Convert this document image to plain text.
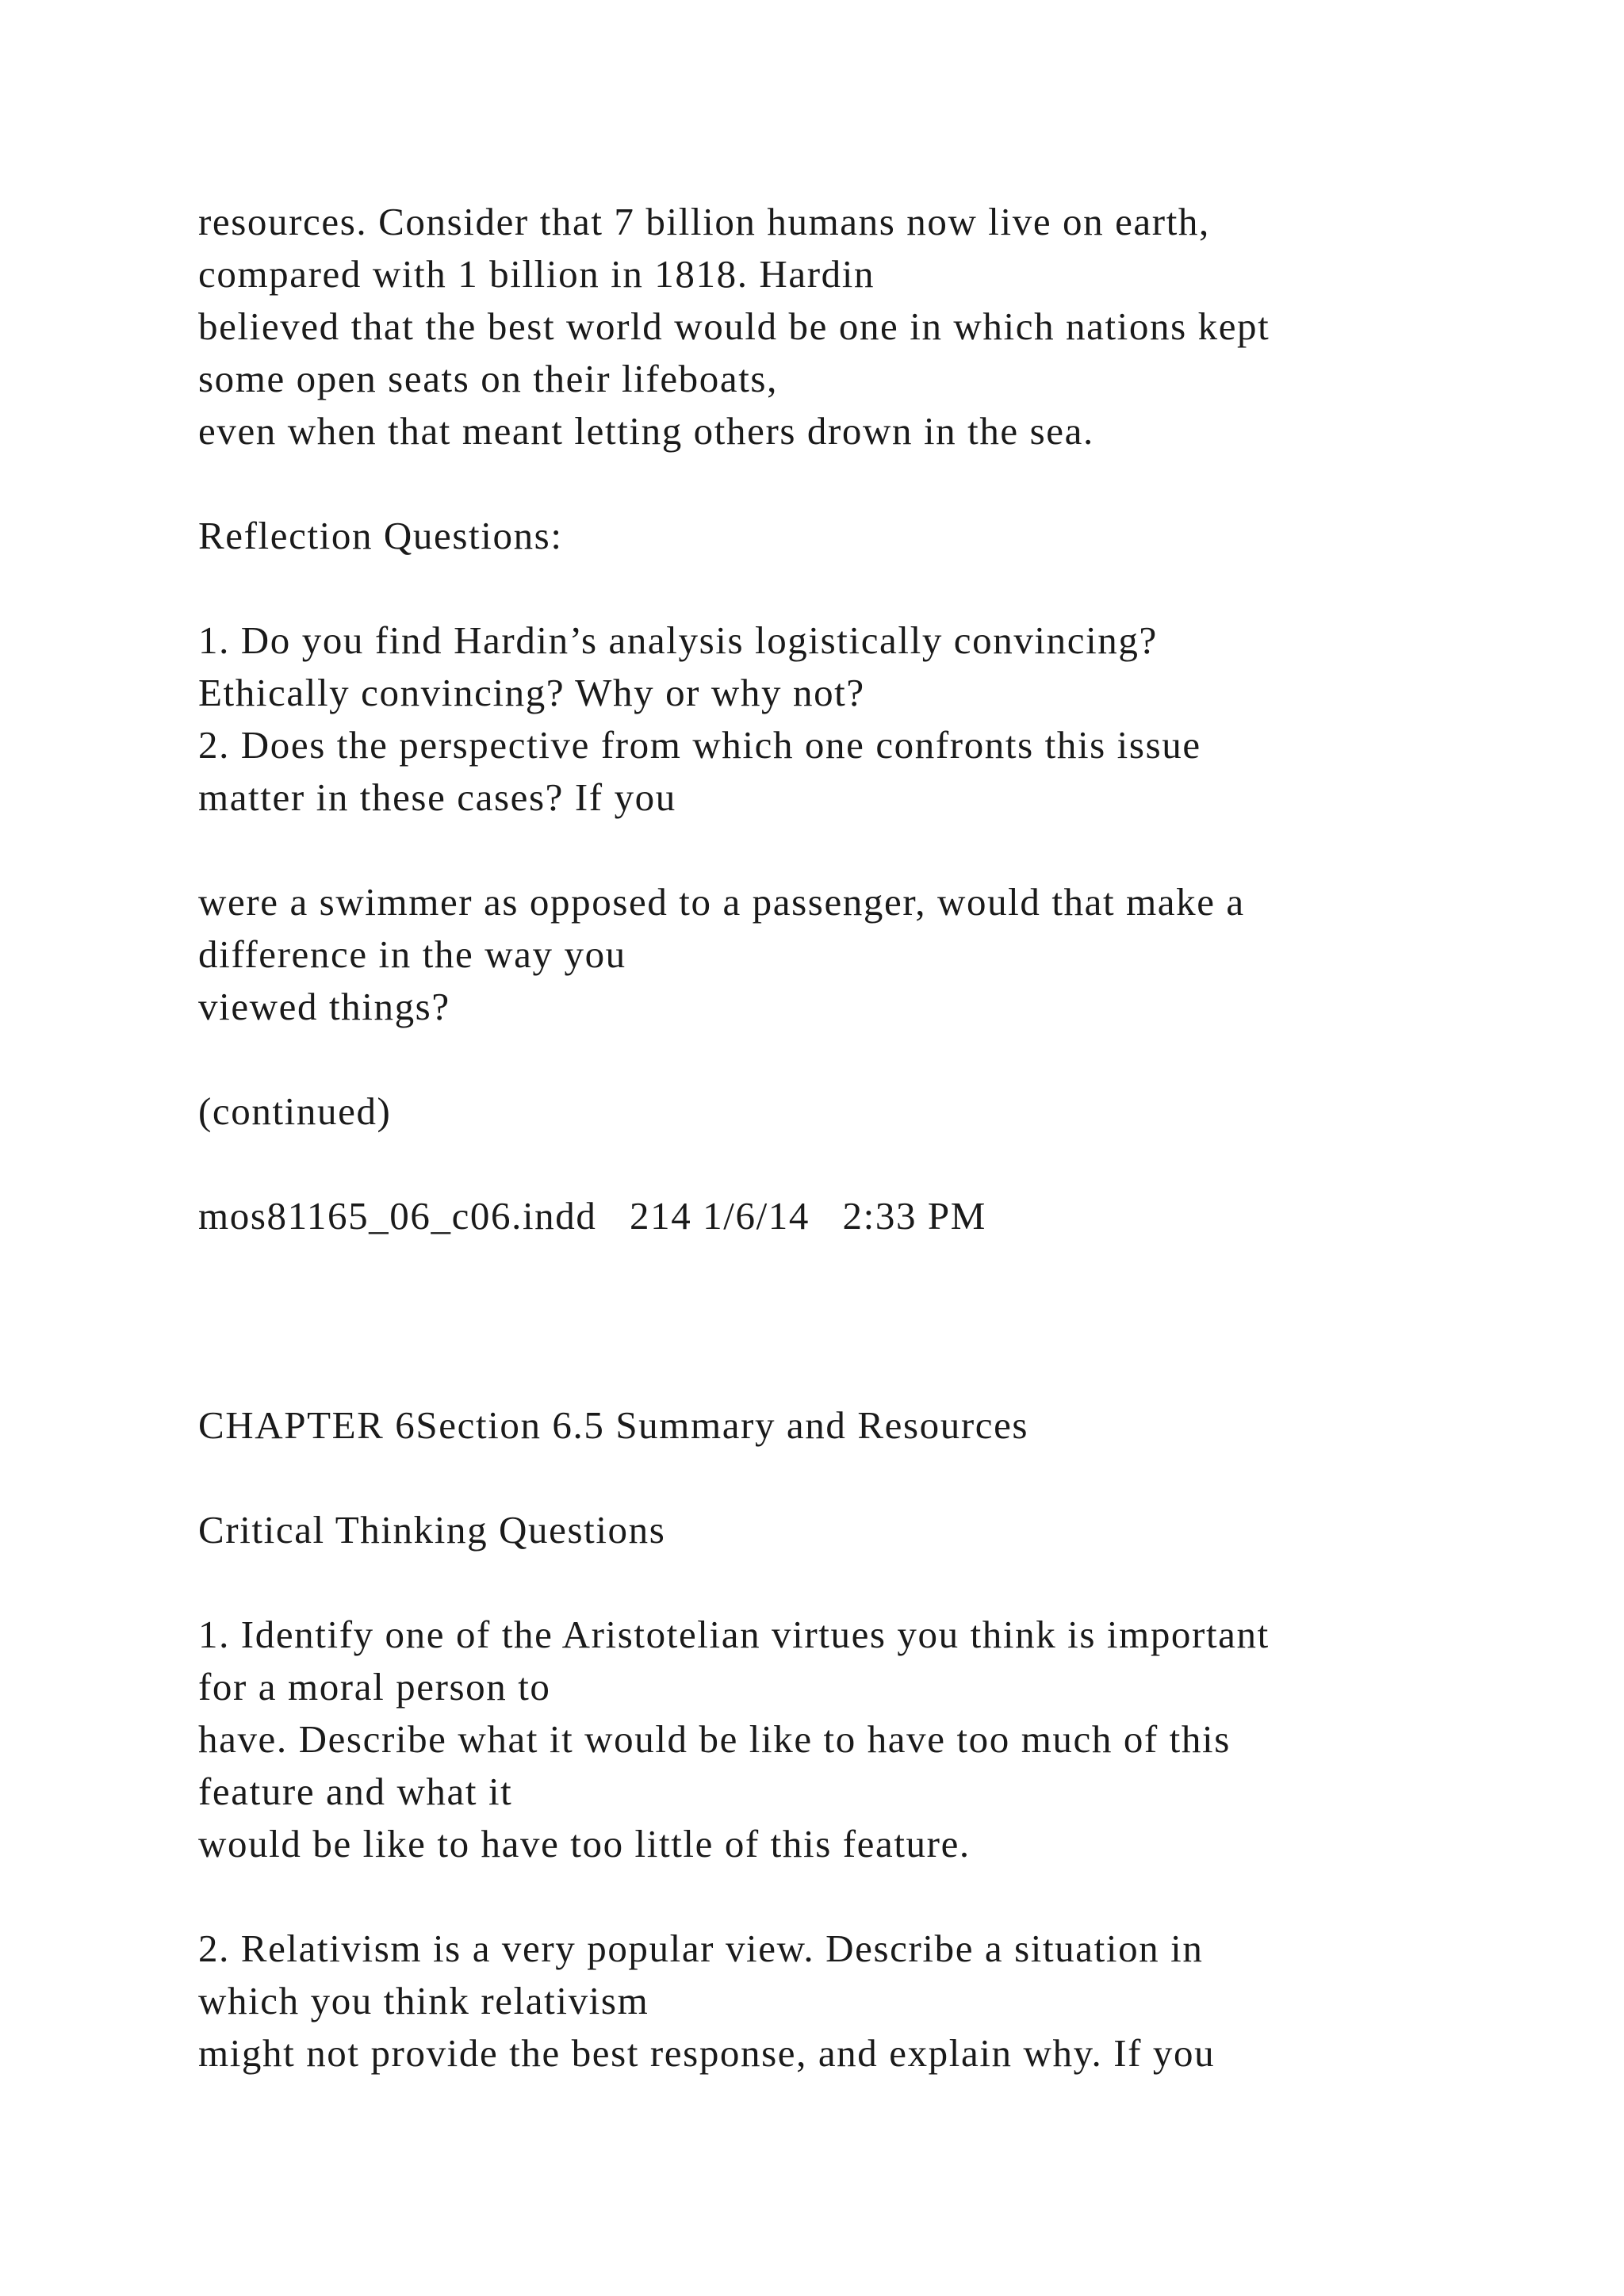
resources. Consider that 7 billion humans now live on earth,

compared with 1 billion in 1818. Hardin

believed that the best world would be one in which nations kept

some open seats on their lifeboats,

even when that meant letting others drown in the sea.

Reflection Questions:

1. Do you find Hardin’s analysis logistically convincing?

Ethically convincing? Why or why not?

2. Does the perspective from which one confronts this issue

matter in these cases? If you

were a swimmer as opposed to a passenger, would that make a

difference in the way you

viewed things?

(continued)

mos81165_06_c06.indd   214 1/6/14   2:33 PM

CHAPTER 6Section 6.5 Summary and Resources

Critical Thinking Questions

1. Identify one of the Aristotelian virtues you think is important

for a moral person to

have. Describe what it would be like to have too much of this

feature and what it

would be like to have too little of this feature.

2. Relativism is a very popular view. Describe a situation in

which you think relativism

might not provide the best response, and explain why. If you
